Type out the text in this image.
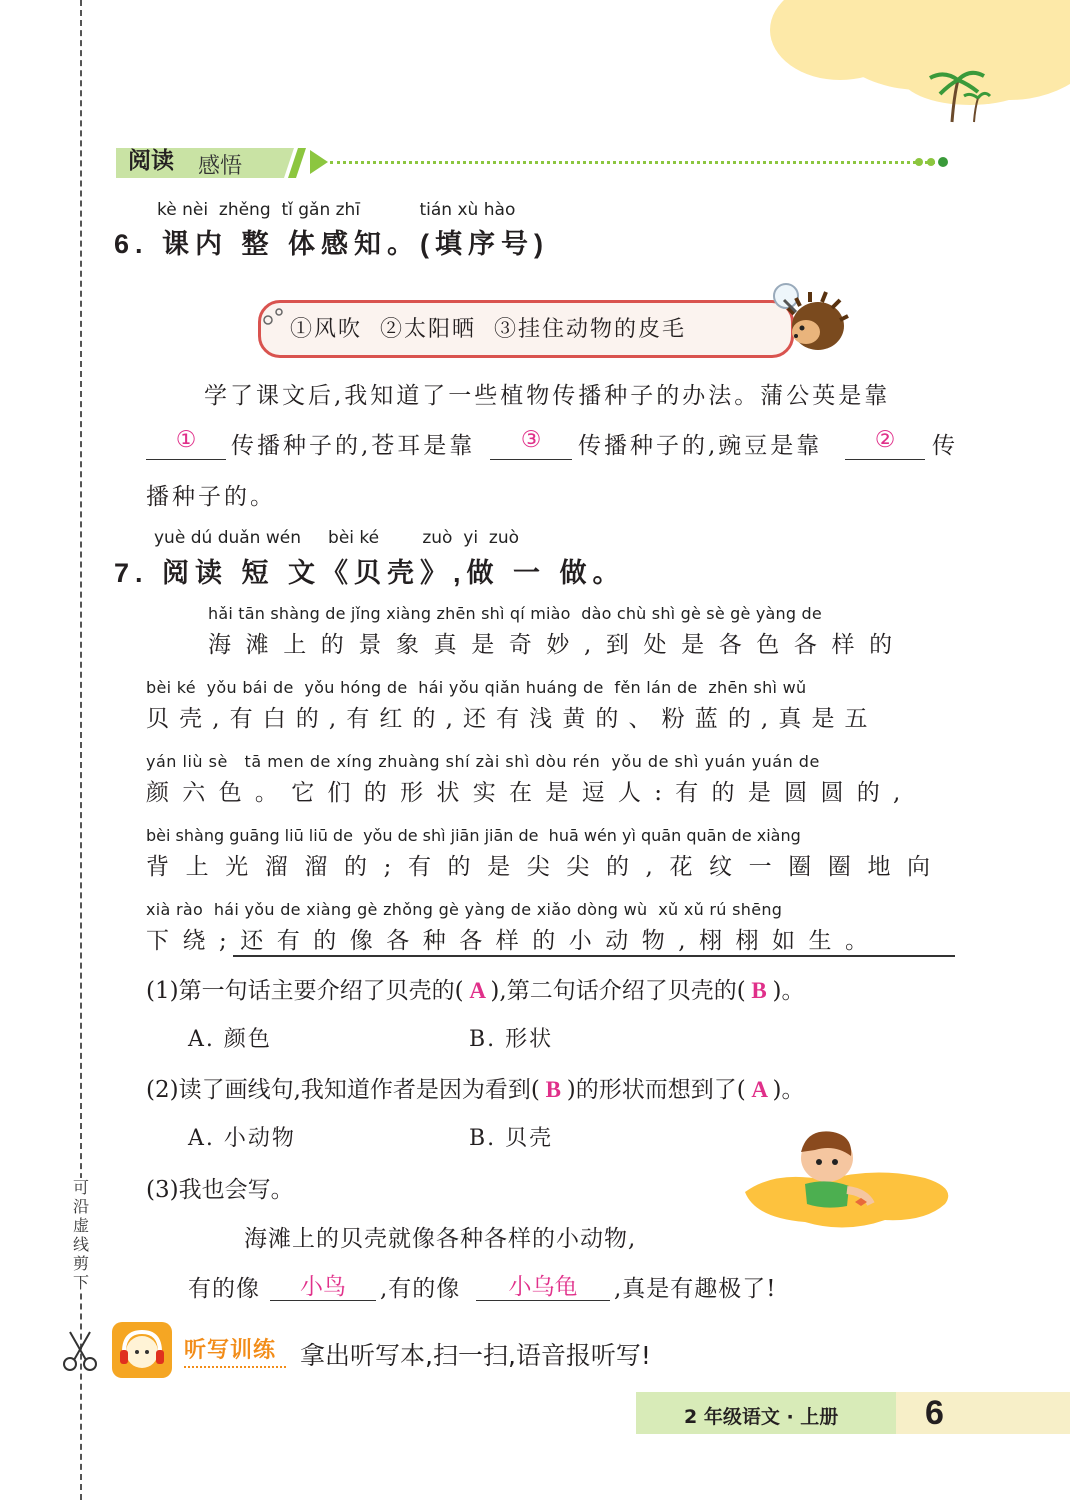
可沿虚线剪下
阅读 感悟
kè nèi zhěng tǐ gǎn zhī	tián xù hào
6. 课内 整 体感知。(填序号)
①风吹  ②太阳晒  ③挂住动物的皮毛
学了课文后,我知道了一些植物传播种子的办法。蒲公英是靠
①	传播种子的,苍耳是靠	③	传播种子的,豌豆是靠	②	传
播种子的。
yuè dú duǎn wén bèi ké	zuò yi zuò
7. 阅读 短 文《贝壳》,做 一 做。
hǎi tān shàng de jǐng xiàng zhēn shì qí miào  dào chù shì gè sè gè yàng de
海滩上的景象真是奇妙,到处是各色各样的
bèi ké  yǒu bái de  yǒu hóng de  hái yǒu qiǎn huáng de  fěn lán de  zhēn shì wǔ
贝壳,有白的,有红的,还有浅黄的、粉蓝的,真是五
yán liù sè   tā men de xíng zhuàng shí zài shì dòu rén  yǒu de shì yuán yuán de
颜六色。它们的形状实在是逗人:有的是圆圆的,
bèi shàng guāng liū liū de  yǒu de shì jiān jiān de  huā wén yì quān quān de xiàng
背上光溜溜的;有的是尖尖的,花纹一圈圈地向
xià rào  hái yǒu de xiàng gè zhǒng gè yàng de xiǎo dòng wù  xǔ xǔ rú shēng
下绕;还有的像各种各样的小动物,栩栩如生。
(1)第一句话主要介绍了贝壳的( A ),第二句话介绍了贝壳的( B )。
A. 颜色	B. 形状
(2)读了画线句,我知道作者是因为看到( B )的形状而想到了( A )。
A. 小动物	B. 贝壳
(3)我也会写。
海滩上的贝壳就像各种各样的小动物,
有的像	小鸟	,有的像	小乌龟	,真是有趣极了!
听写训练 拿出听写本,扫一扫,语音报听写!
2 年级语文 · 上册	6
